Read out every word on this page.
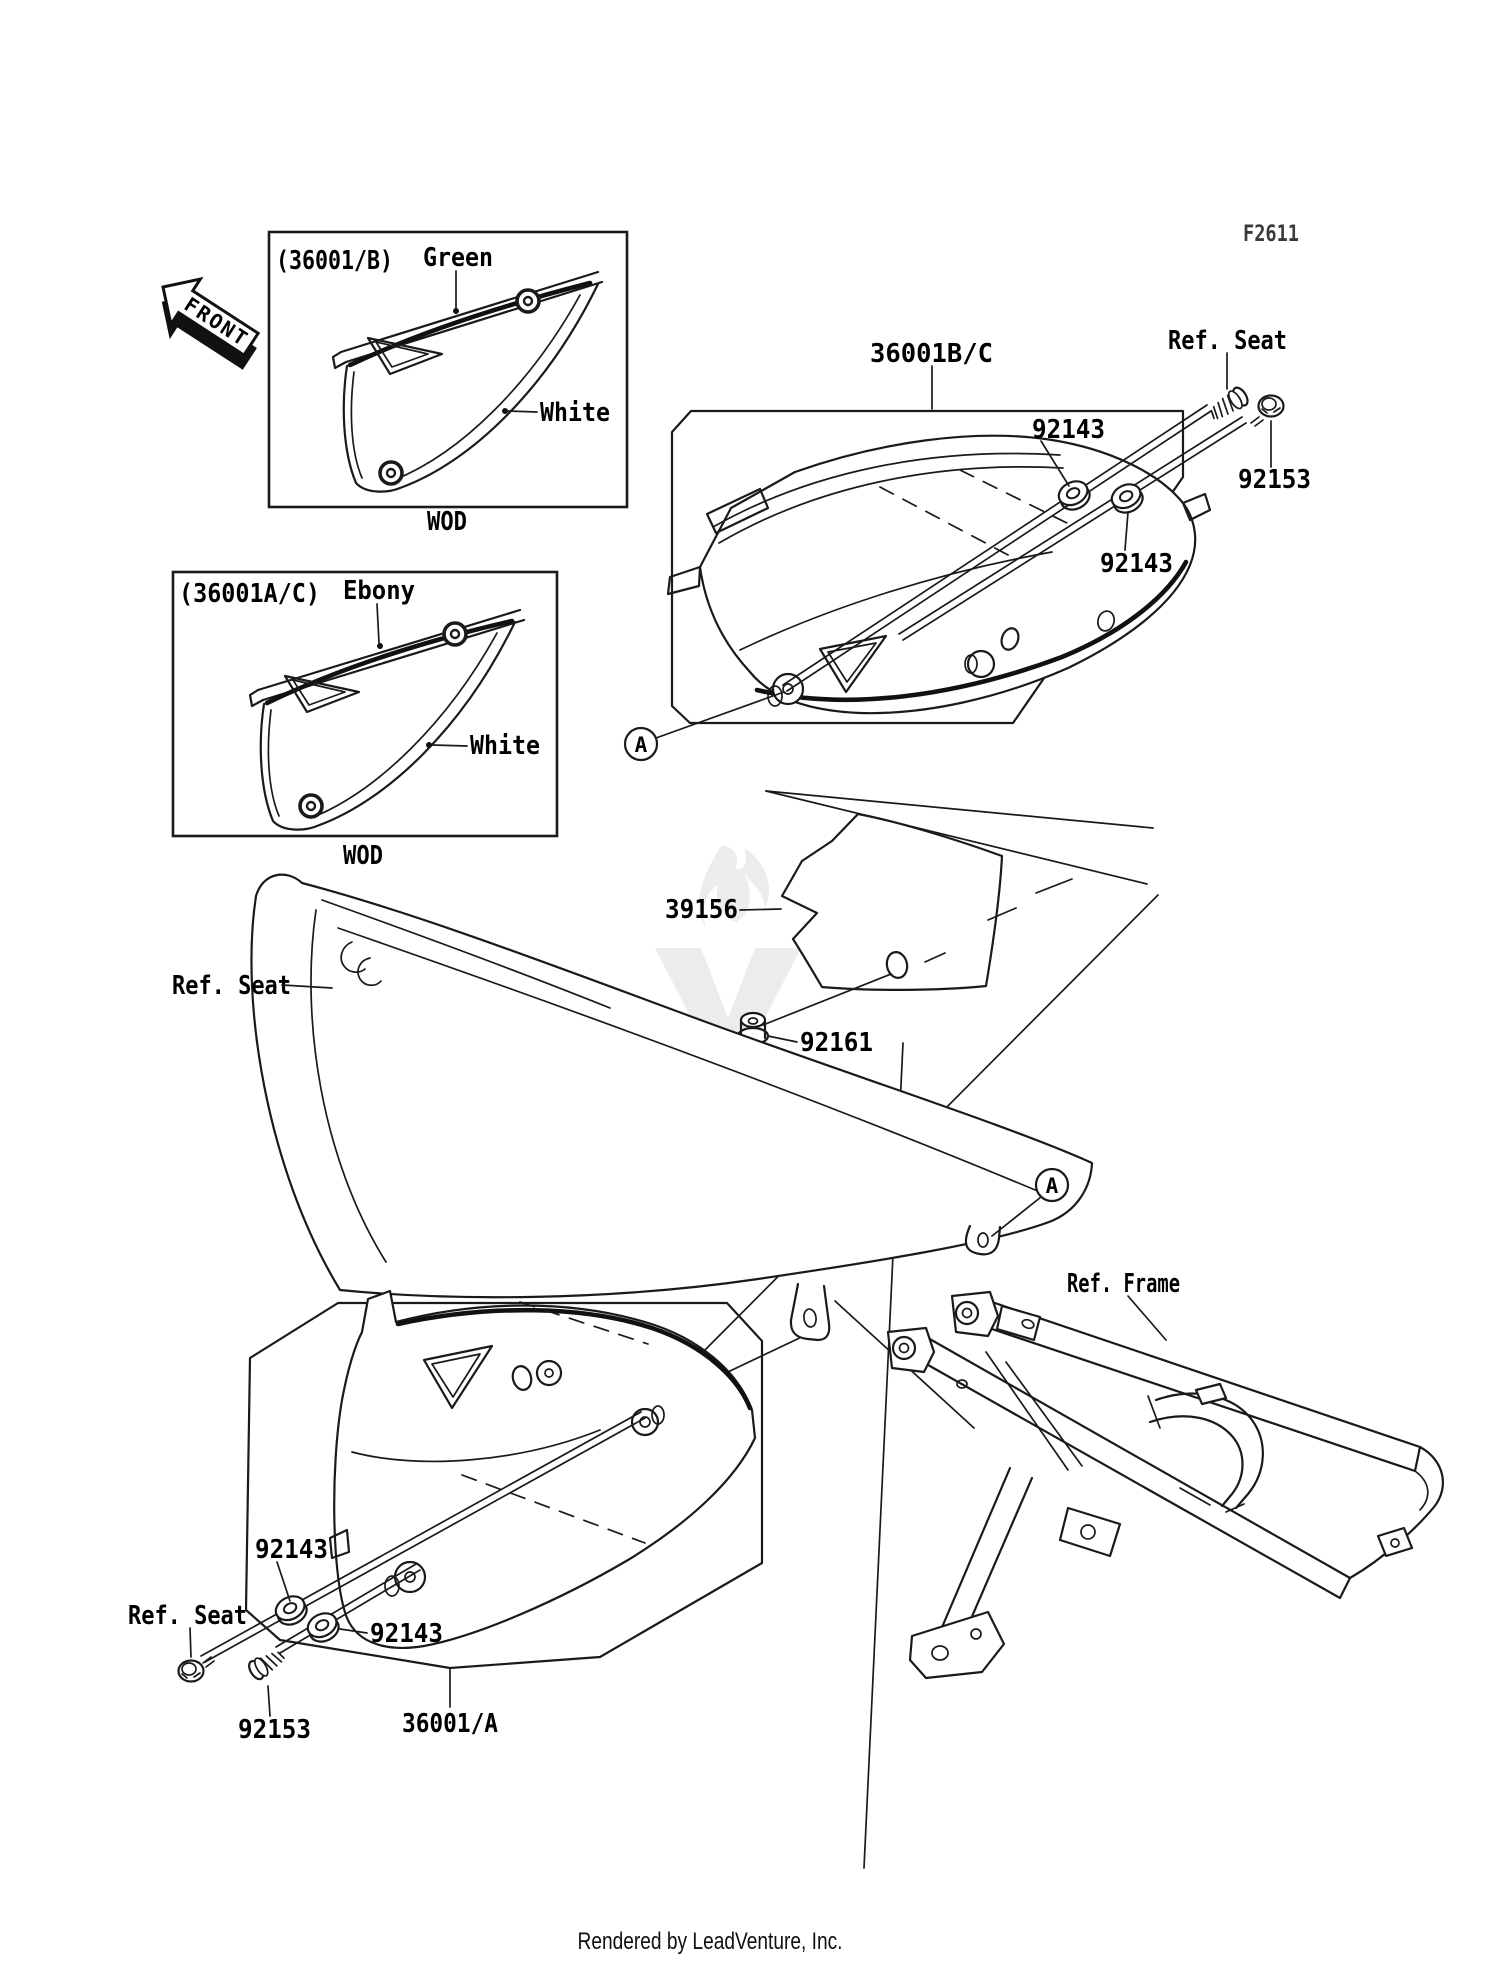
F2611
FRONT
(36001/B) Green
White
WOD
(36001A/C) Ebony
White
WOD
36001B/C	Ref. Seat
92143
92153
92143
A
39156
92161
Ref. Seat
A
92143
Ref. Seat
92143
92153	36001/A
Ref. Frame
Rendered by LeadVenture, Inc.
